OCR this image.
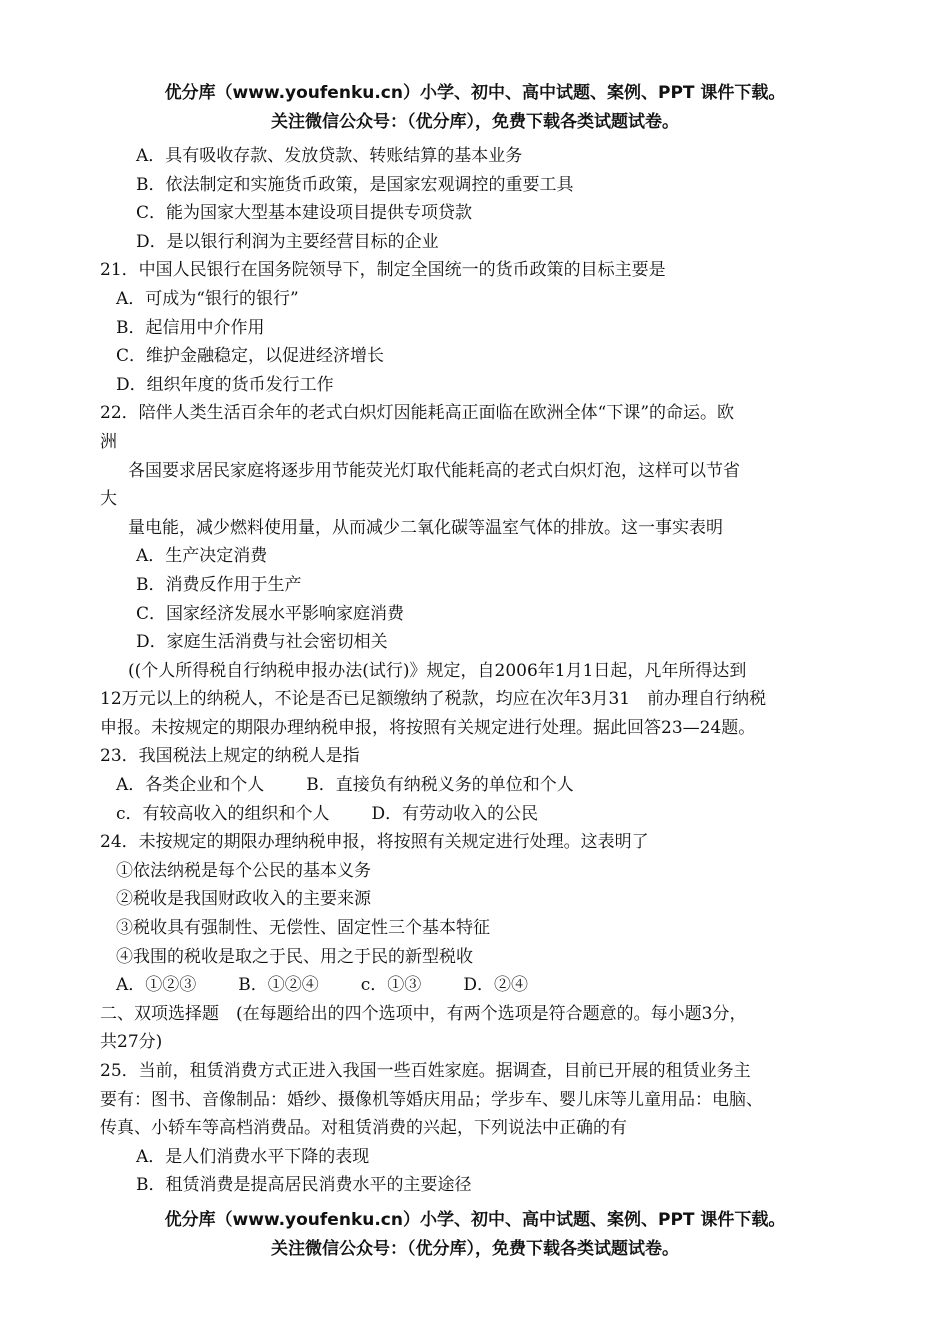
优分库（www.youfenku.cn）小学、初中、高中试题、案例、PPT 课件下载。
关注微信公众号：（优分库），免费下载各类试题试卷。
A．具有吸收存款、发放贷款、转账结算的基本业务
B．依法制定和实施货币政策，是国家宏观调控的重要工具
C．能为国家大型基本建设项目提供专项贷款
D．是以银行利润为主要经营目标的企业
21．中国人民银行在国务院领导下，制定全国统一的货币政策的目标主要是
A．可成为“银行的银行”
B．起信用中介作用
C．维护金融稳定，以促进经济增长
D．组织年度的货币发行工作
22．陪伴人类生活百余年的老式白炽灯因能耗高正面临在欧洲全体“下课”的命运。欧
洲
各国要求居民家庭将逐步用节能荧光灯取代能耗高的老式白炽灯泡，这样可以节省
大
量电能，减少燃料使用量，从而减少二氧化碳等温室气体的排放。这一事实表明
A．生产决定消费
B．消费反作用于生产
C．国家经济发展水平影响家庭消费
D．家庭生活消费与社会密切相关
((个人所得税自行纳税申报办法(试行)》规定，自2006年1月1日起，凡年所得达到
12万元以上的纳税人，不论是否已足额缴纳了税款，均应在次年3月31　前办理自行纳税
申报。未按规定的期限办理纳税申报，将按照有关规定进行处理。据此回答23—24题。
23．我国税法上规定的纳税人是指
A．各类企业和个人 B．直接负有纳税义务的单位和个人
c．有较高收入的组织和个人 D．有劳动收入的公民
24．未按规定的期限办理纳税申报，将按照有关规定进行处理。这表明了
①依法纳税是每个公民的基本义务
②税收是我国财政收入的主要来源
③税收具有强制性、无偿性、固定性三个基本特征
④我围的税收是取之于民、用之于民的新型税收
A．①②③ B．①②④ c．①③ D．②④
二、双项选择题　(在每题给出的四个选项中，有两个选项是符合题意的。每小题3分，
共27分)
25．当前，租赁消费方式正进入我国一些百姓家庭。据调查，目前已开展的租赁业务主
要有：图书、音像制品：婚纱、摄像机等婚庆用品；学步车、婴儿床等儿童用品：电脑、
传真、小轿车等高档消费品。对租赁消费的兴起，下列说法中正确的有
A．是人们消费水平下降的表现
B．租赁消费是提高居民消费水平的主要途径
优分库（www.youfenku.cn）小学、初中、高中试题、案例、PPT 课件下载。
关注微信公众号：（优分库），免费下载各类试题试卷。
